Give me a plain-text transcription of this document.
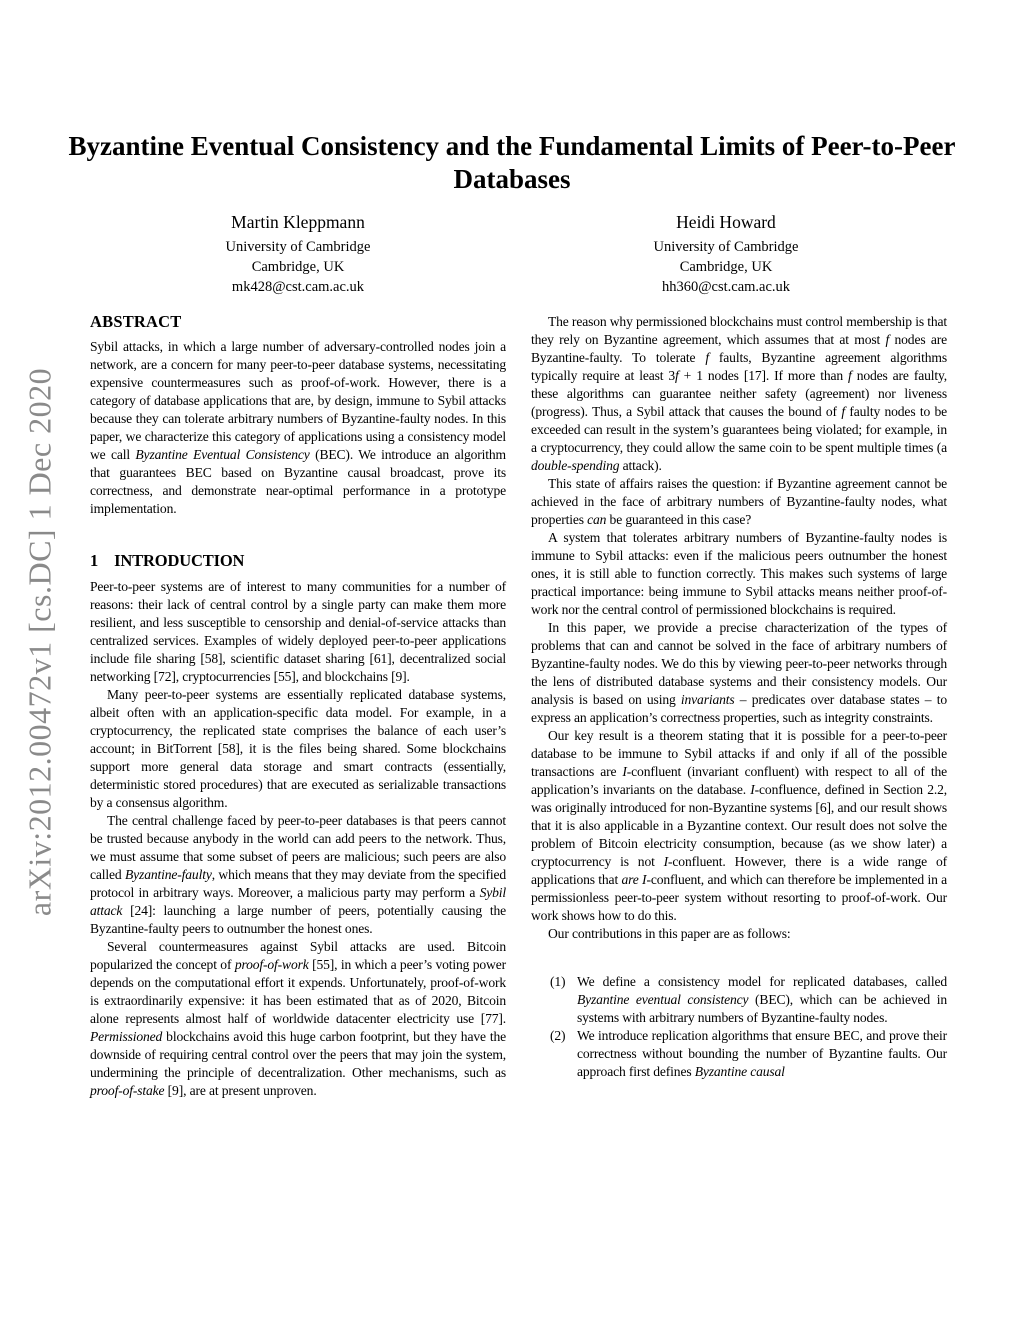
arXiv:2012.00472v1 [cs.DC] 1 Dec 2020
Byzantine Eventual Consistency and the Fundamental Limits of Peer-to-Peer Databases
Martin Kleppmann
University of Cambridge
Cambridge, UK
mk428@cst.cam.ac.uk
Heidi Howard
University of Cambridge
Cambridge, UK
hh360@cst.cam.ac.uk
ABSTRACT

Sybil attacks, in which a large number of adversary-controlled nodes join a network, are a concern for many peer-to-peer database systems, necessitating expensive countermeasures such as proof-of-work. However, there is a category of database applications that are, by design, immune to Sybil attacks because they can tolerate arbitrary numbers of Byzantine-faulty nodes. In this paper, we characterize this category of applications using a consistency model we call Byzantine Eventual Consistency (BEC). We introduce an algorithm that guarantees BEC based on Byzantine causal broadcast, prove its correctness, and demonstrate near-optimal performance in a prototype implementation.

1 INTRODUCTION

Peer-to-peer systems are of interest to many communities for a number of reasons: their lack of central control by a single party can make them more resilient, and less susceptible to censorship and denial-of-service attacks than centralized services. Examples of widely deployed peer-to-peer applications include file sharing [58], scientific dataset sharing [61], decentralized social networking [72], cryptocurrencies [55], and blockchains [9].

Many peer-to-peer systems are essentially replicated database systems, albeit often with an application-specific data model. For example, in a cryptocurrency, the replicated state comprises the balance of each user’s account; in BitTorrent [58], it is the files being shared. Some blockchains support more general data storage and smart contracts (essentially, deterministic stored procedures) that are executed as serializable transactions by a consensus algorithm.

The central challenge faced by peer-to-peer databases is that peers cannot be trusted because anybody in the world can add peers to the network. Thus, we must assume that some subset of peers are malicious; such peers are also called Byzantine-faulty, which means that they may deviate from the specified protocol in arbitrary ways. Moreover, a malicious party may perform a Sybil attack [24]: launching a large number of peers, potentially causing the Byzantine-faulty peers to outnumber the honest ones.

Several countermeasures against Sybil attacks are used. Bitcoin popularized the concept of proof-of-work [55], in which a peer’s voting power depends on the computational effort it expends. Unfortunately, proof-of-work is extraordinarily expensive: it has been estimated that as of 2020, Bitcoin alone represents almost half of worldwide datacenter electricity use [77]. Permissioned blockchains avoid this huge carbon footprint, but they have the downside of requiring central control over the peers that may join the system, undermining the principle of decentralization. Other mechanisms, such as proof-of-stake [9], are at present unproven.

The reason why permissioned blockchains must control membership is that they rely on Byzantine agreement, which assumes that at most f nodes are Byzantine-faulty. To tolerate f faults, Byzantine agreement algorithms typically require at least 3f + 1 nodes [17]. If more than f nodes are faulty, these algorithms can guarantee neither safety (agreement) nor liveness (progress). Thus, a Sybil attack that causes the bound of f faulty nodes to be exceeded can result in the system’s guarantees being violated; for example, in a cryptocurrency, they could allow the same coin to be spent multiple times (a double-spending attack).

This state of affairs raises the question: if Byzantine agreement cannot be achieved in the face of arbitrary numbers of Byzantine-faulty nodes, what properties can be guaranteed in this case?

A system that tolerates arbitrary numbers of Byzantine-faulty nodes is immune to Sybil attacks: even if the malicious peers outnumber the honest ones, it is still able to function correctly. This makes such systems of large practical importance: being immune to Sybil attacks means neither proof-of-work nor the central control of permissioned blockchains is required.

In this paper, we provide a precise characterization of the types of problems that can and cannot be solved in the face of arbitrary numbers of Byzantine-faulty nodes. We do this by viewing peer-to-peer networks through the lens of distributed database systems and their consistency models. Our analysis is based on using invariants – predicates over database states – to express an application’s correctness properties, such as integrity constraints.

Our key result is a theorem stating that it is possible for a peer-to-peer database to be immune to Sybil attacks if and only if all of the possible transactions are I-confluent (invariant confluent) with respect to all of the application’s invariants on the database. I-confluence, defined in Section 2.2, was originally introduced for non-Byzantine systems [6], and our result shows that it is also applicable in a Byzantine context. Our result does not solve the problem of Bitcoin electricity consumption, because (as we show later) a cryptocurrency is not I-confluent. However, there is a wide range of applications that are I-confluent, and which can therefore be implemented in a permissionless peer-to-peer system without resorting to proof-of-work. Our work shows how to do this.

Our contributions in this paper are as follows:

(1) We define a consistency model for replicated databases, called Byzantine eventual consistency (BEC), which can be achieved in systems with arbitrary numbers of Byzantine-faulty nodes.
(2) We introduce replication algorithms that ensure BEC, and prove their correctness without bounding the number of Byzantine faults. Our approach first defines Byzantine causal
